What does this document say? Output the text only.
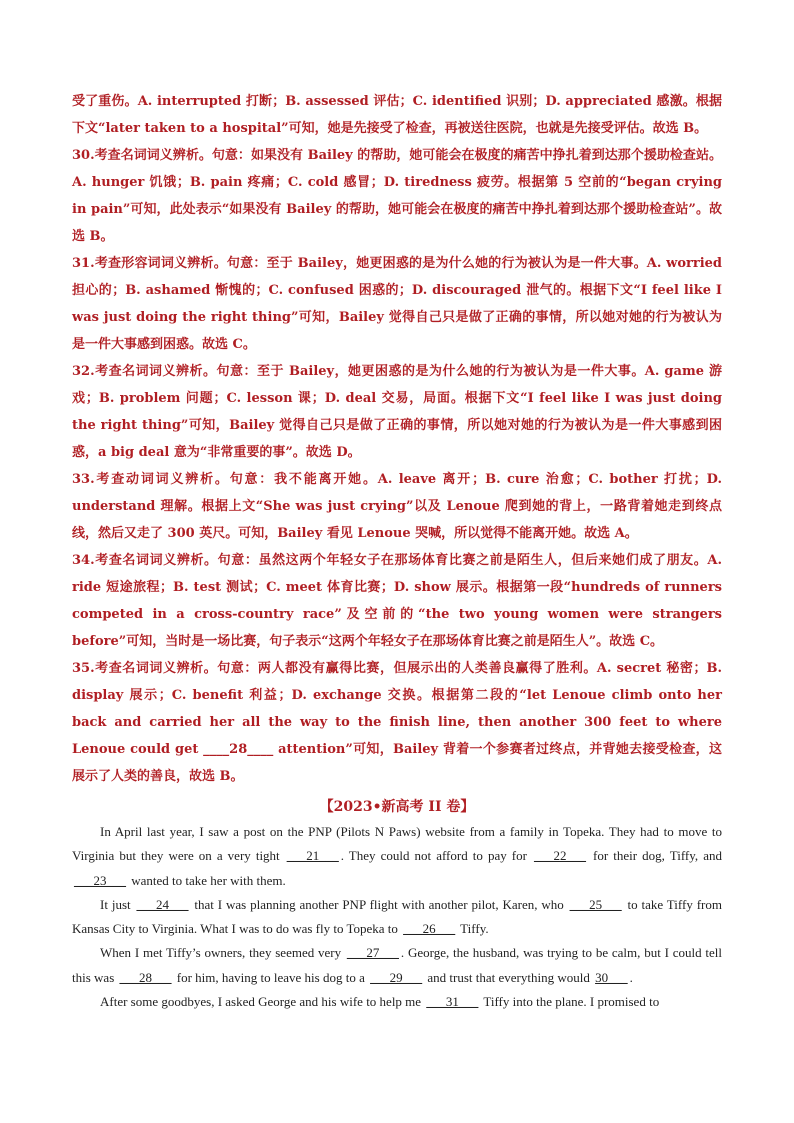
受了重伤。A. interrupted 打断；B. assessed 评估；C. identified 识别；D. appreciated 感激。根据下文“later taken to a hospital”可知，她是先接受了检查，再被送往医院，也就是先接受评估。故选 B。

30.考查名词词义辨析。句意：如果没有 Bailey 的帮助，她可能会在极度的痛苦中挣扎着到达那个援助检查站。A. hunger 饥饿；B. pain 疼痛；C. cold 感冒；D. tiredness 疲劳。根据第 5 空前的“began crying in pain”可知，此处表示“如果没有 Bailey 的帮助，她可能会在极度的痛苦中挣扎着到达那个援助检查站”。故选 B。

31.考查形容词词义辨析。句意：至于 Bailey，她更困惑的是为什么她的行为被认为是一件大事。A. worried 担心的；B. ashamed 惭愧的；C. confused 困惑的；D. discouraged 泄气的。根据下文“I feel like I was just doing the right thing”可知，Bailey 觉得自己只是做了正确的事情，所以她对她的行为被认为是一件大事感到困惑。故选 C。

32.考查名词词义辨析。句意：至于 Bailey，她更困惑的是为什么她的行为被认为是一件大事。A. game 游戏；B. problem 问题；C. lesson 课；D. deal 交易，局面。根据下文“I feel like I was just doing the right thing”可知，Bailey 觉得自己只是做了正确的事情，所以她对她的行为被认为是一件大事感到困惑，a big deal 意为“非常重要的事”。故选 D。

33.考查动词词义辨析。句意：我不能离开她。A. leave 离开；B. cure 治愈；C. bother 打扰；D. understand 理解。根据上文“She was just crying”以及 Lenoue 爬到她的背上，一路背着她走到终点线，然后又走了 300 英尺。可知，Bailey 看见 Lenoue 哭喊，所以觉得不能离开她。故选 A。

34.考查名词词义辨析。句意：虽然这两个年轻女子在那场体育比赛之前是陌生人，但后来她们成了朋友。A. ride 短途旅程；B. test 测试；C. meet 体育比赛；D. show 展示。根据第一段“hundreds of runners competed in a cross-country race”及空前的“the two young women were strangers before”可知，当时是一场比赛，句子表示“这两个年轻女子在那场体育比赛之前是陌生人”。故选 C。

35.考查名词词义辨析。句意：两人都没有赢得比赛，但展示出的人类善良赢得了胜利。A. secret 秘密；B. display 展示；C. benefit 利益；D. exchange 交换。根据第二段的“let Lenoue climb onto her back and carried her all the way to the finish line, then another 300 feet to where Lenoue could get ____28____ attention”可知，Bailey 背着一个参赛者过终点，并背她去接受检查，这展示了人类的善良，故选 B。

【2023•新高考 II 卷】

In April last year, I saw a post on the PNP (Pilots N Paws) website from a family in Topeka. They had to move to Virginia but they were on a very tight ___21___ . They could not afford to pay for ___22___ for their dog, Tiffy, and ___23___ wanted to take her with them.

It just ___24___ that I was planning another PNP flight with another pilot, Karen, who ___25___ to take Tiffy from Kansas City to Virginia. What I was to do was fly to Topeka to ___26___ Tiffy.

When I met Tiffy’s owners, they seemed very ___27___ . George, the husband, was trying to be calm, but I could tell this was ___28___ for him, having to leave his dog to a ___29___ and trust that everything would 30___ .

After some goodbyes, I asked George and his wife to help me ___31___ Tiffy into the plane. I promised to
